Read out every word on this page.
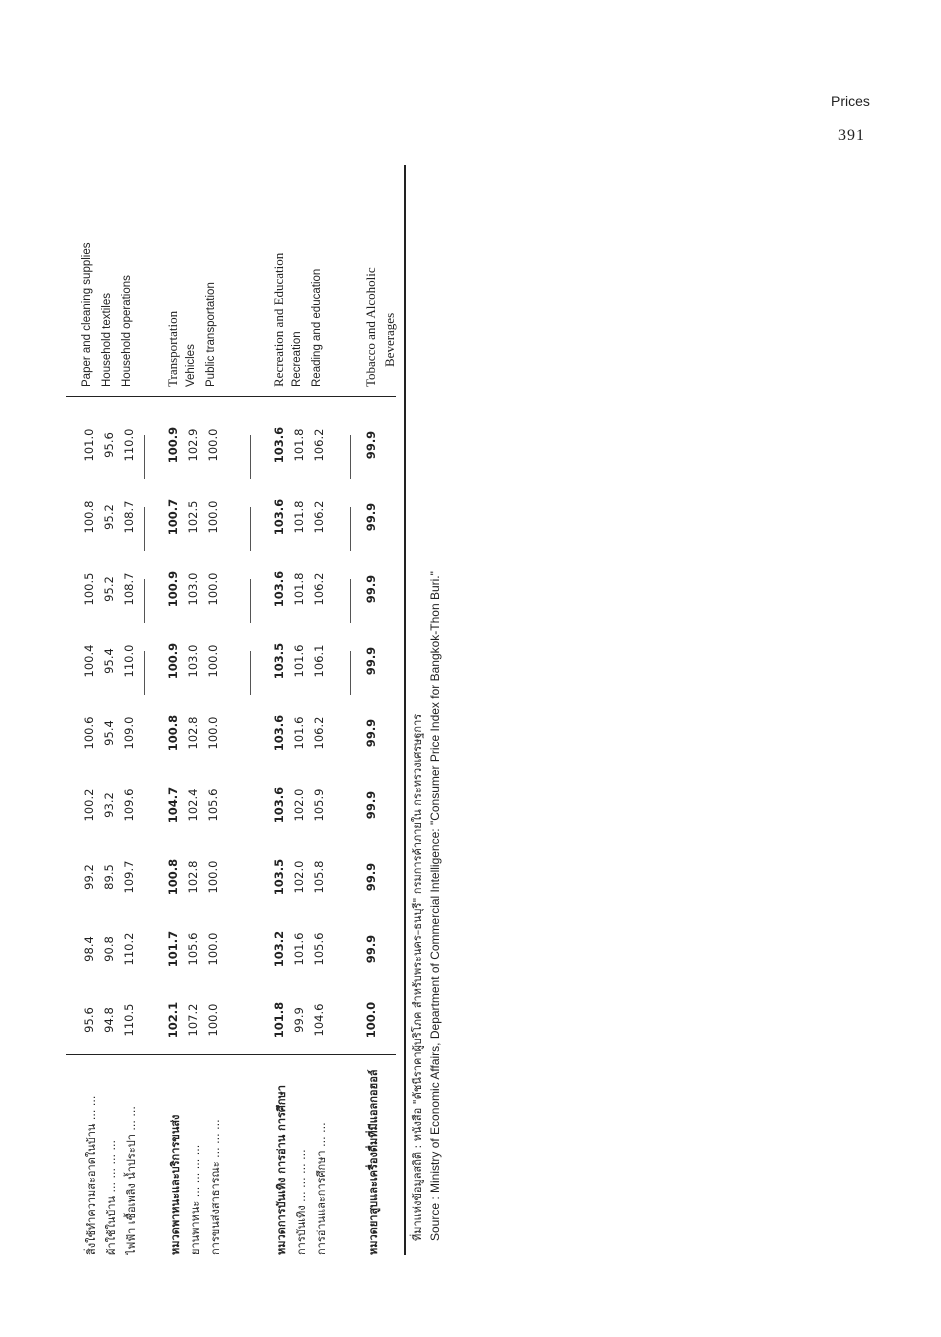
Prices
391
สิ่งใช้ทำความสะอาดในบ้าน ... ...
95.6
98.4
99.2
100.2
100.6
100.4
100.5
100.8
101.0
Paper and cleaning supplies
ผ้าใช้ในบ้าน ... ... ... ...
94.8
90.8
89.5
93.2
95.4
95.4
95.2
95.2
95.6
Household textiles
ไฟฟ้า เชื้อเพลิง น้ำประปา ... ...
110.5
110.2
109.7
109.6
109.0
110.0
108.7
108.7
110.0
Household operations
หมวดพาหนะและบริการขนส่ง
102.1
101.7
100.8
104.7
100.8
100.9
100.9
100.7
100.9
Transportation
ยานพาหนะ ... ... ... ...
107.2
105.6
102.8
102.4
102.8
103.0
103.0
102.5
102.9
Vehicles
การขนส่งสาธารณะ ... ... ...
100.0
100.0
100.0
105.6
100.0
100.0
100.0
100.0
100.0
Public transportation
หมวดการบันเทิง การอ่าน การศึกษา
101.8
103.2
103.5
103.6
103.6
103.5
103.6
103.6
103.6
Recreation and Education
การบันเทิง ... ... ... ...
99.9
101.6
102.0
102.0
101.6
101.6
101.8
101.8
101.8
Recreation
การอ่านและการศึกษา ... ...
104.6
105.6
105.8
105.9
106.2
106.1
106.2
106.2
106.2
Reading and education
หมวดยาสูบและเครื่องดื่มที่มีแอลกอฮอล์
100.0
99.9
99.9
99.9
99.9
99.9
99.9
99.9
99.9
Tobacco and Alcoholic Beverages
ที่มาแห่งข้อมูลสถิติ : หนังสือ "ดัชนีราคาผู้บริโภค สำหรับพระนคร–ธนบุรี" กรมการค้าภายใน กระทรวงเศรษฐการ Source : Ministry of Economic Affairs, Department of Commercial Intelligence: "Consumer Price Index for Bangkok-Thon Buri."
